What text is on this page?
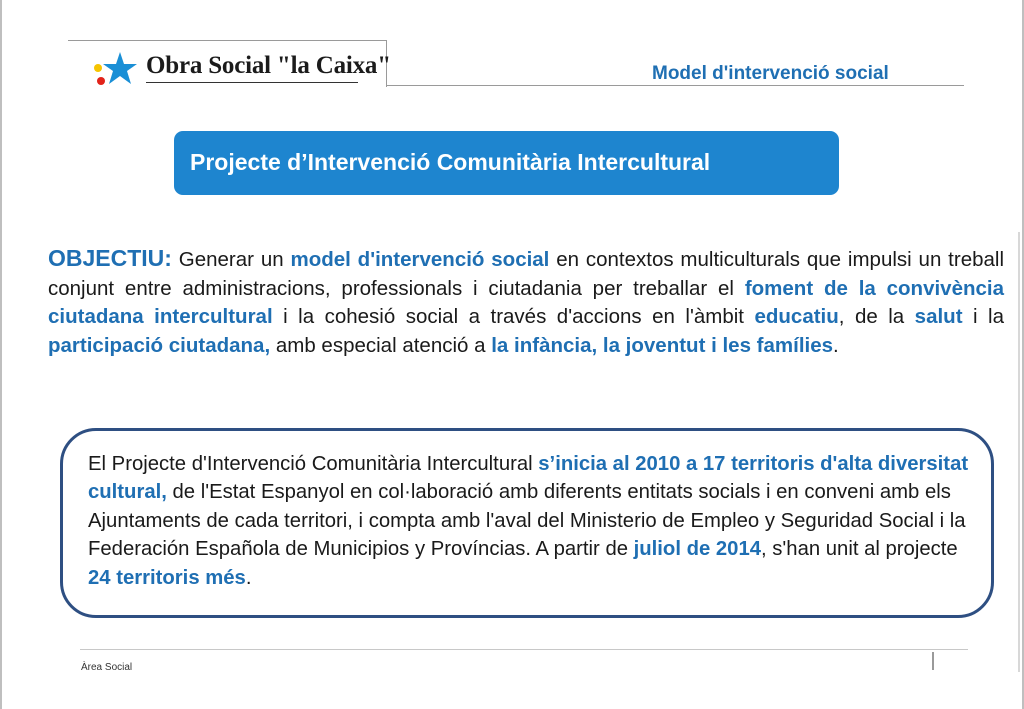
Obra Social "la Caixa"	Model d'intervenció social
Projecte d’Intervenció Comunitària Intercultural
OBJECTIU: Generar un model d'intervenció social en contextos multiculturals que impulsi un treball conjunt entre administracions, professionals i ciutadania per treballar el foment de la convivència ciutadana intercultural i la cohesió social a través d'accions en l'àmbit educatiu, de la salut i la participació ciutadana, amb especial atenció a la infància, la joventut i les famílies.
El Projecte d'Intervenció Comunitària Intercultural s’inicia al 2010 a 17 territoris d'alta diversitat cultural, de l'Estat Espanyol en col·laboració amb diferents entitats socials i en conveni amb els Ajuntaments de cada territori, i compta amb l'aval del Ministerio de Empleo y Seguridad Social i la Federación Española de Municipios y Províncias. A partir de juliol de 2014, s'han unit al projecte 24 territoris més.
Àrea Social
